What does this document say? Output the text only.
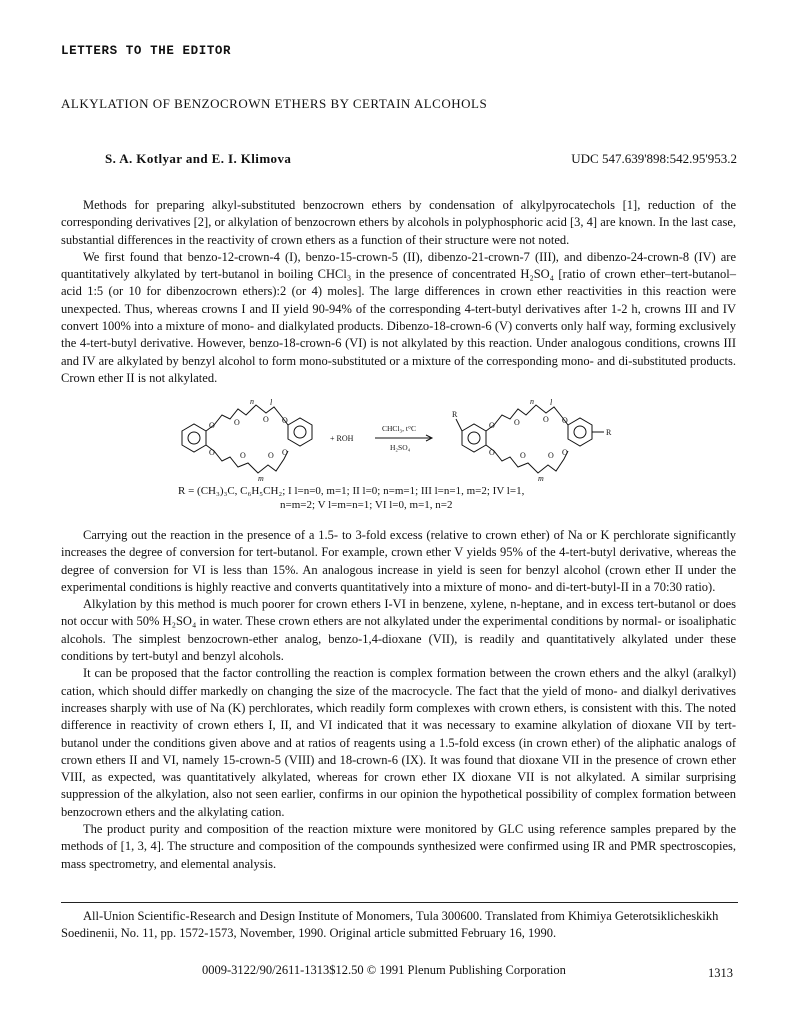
LETTERS TO THE EDITOR
ALKYLATION OF BENZOCROWN ETHERS BY CERTAIN ALCOHOLS
S. A. Kotlyar and E. I. Klimova	UDC 547.639'898:542.95'953.2

Methods for preparing alkyl-substituted benzocrown ethers by condensation of alkylpyrocatechols [1], reduction of the corresponding derivatives [2], or alkylation of benzocrown ethers by alcohols in polyphosphoric acid [3, 4] are known. In the last case, substantial differences in the reactivity of crown ethers as a function of their structure were not noted.

We first found that benzo-12-crown-4 (I), benzo-15-crown-5 (II), dibenzo-21-crown-7 (III), and dibenzo-24-crown-8 (IV) are quantitatively alkylated by tert-butanol in boiling CHCl₃ in the presence of concentrated H₂SO₄ [ratio of crown ether–tert-butanol–acid 1:5 (or 10 for dibenzocrown ethers):2 (or 4) moles]. The large differences in crown ether reactivities in this reaction were unexpected. Thus, whereas crowns I and II yield 90-94% of the corresponding 4-tert-butyl derivatives after 1-2 h, crowns III and IV convert 100% into a mixture of mono- and dialkylated products. Dibenzo-18-crown-6 (V) converts only half way, forming exclusively the 4-tert-butyl derivative. However, benzo-18-crown-6 (VI) is not alkylated by this reaction. Under analogous conditions, crowns III and IV are alkylated by benzyl alcohol to form mono-substituted or a mixture of the corresponding mono- and di-substituted products. Crown ether II is not alkylated.

O
O
O	O
O	O
O
O
l
m
n
+ ROH
CHCl₃, t°C
H₂SO₄
R
R
O
O
O	O
O	O
O
O
l
m
n
R = (CH₃)₃C, C₆H₅CH₂; I l=n=0, m=1; II l=0; n=m=1; III l=n=1, m=2; IV l=1,
n=m=2; V l=m=n=1; VI l=0, m=1, n=2

Carrying out the reaction in the presence of a 1.5- to 3-fold excess (relative to crown ether) of Na or K perchlorate significantly increases the degree of conversion for tert-butanol. For example, crown ether V yields 95% of the 4-tert-butyl derivative, whereas the degree of conversion for VI is less than 15%. An analogous increase in yield is seen for benzyl alcohol (crown ether II under the experimental conditions is highly reactive and converts quantitatively into a mixture of mono- and di-tert-butyl-II in a 70:30 ratio).

Alkylation by this method is much poorer for crown ethers I-VI in benzene, xylene, n-heptane, and in excess tert-butanol or does not occur with 50% H₂SO₄ in water. These crown ethers are not alkylated under the experimental conditions by normal- or isoaliphatic alcohols. The simplest benzocrown-ether analog, benzo-1,4-dioxane (VII), is readily and quantitatively alkylated under these conditions by tert-butyl and benzyl alcohols.

It can be proposed that the factor controlling the reaction is complex formation between the crown ethers and the alkyl (aralkyl) cation, which should differ markedly on changing the size of the macrocycle. The fact that the yield of mono- and dialkyl derivatives increases sharply with use of Na (K) perchlorates, which readily form complexes with crown ethers, is consistent with this. The noted difference in reactivity of crown ethers I, II, and VI indicated that it was necessary to examine alkylation of dioxane VII by tert-butanol under the conditions given above and at ratios of reagents using a 1.5-fold excess (in crown ether) of the aliphatic analogs of crown ethers II and VI, namely 15-crown-5 (VIII) and 18-crown-6 (IX). It was found that dioxane VII in the presence of crown ether VIII, as expected, was quantitatively alkylated, whereas for crown ether IX dioxane VII is not alkylated. A similar surprising suppression of the alkylation, also not seen earlier, confirms in our opinion the hypothetical possibility of complex formation between benzocrown ethers and the alkylating cation.

The product purity and composition of the reaction mixture were monitored by GLC using reference samples prepared by the methods of [1, 3, 4]. The structure and composition of the compounds synthesized were confirmed using IR and PMR spectroscopies, mass spectrometry, and elemental analysis.

All-Union Scientific-Research and Design Institute of Monomers, Tula 300600. Translated from Khimiya Geterotsiklicheskikh Soedinenii, No. 11, pp. 1572-1573, November, 1990. Original article submitted February 16, 1990.
0009-3122/90/2611-1313$12.50 © 1991 Plenum Publishing Corporation	1313
